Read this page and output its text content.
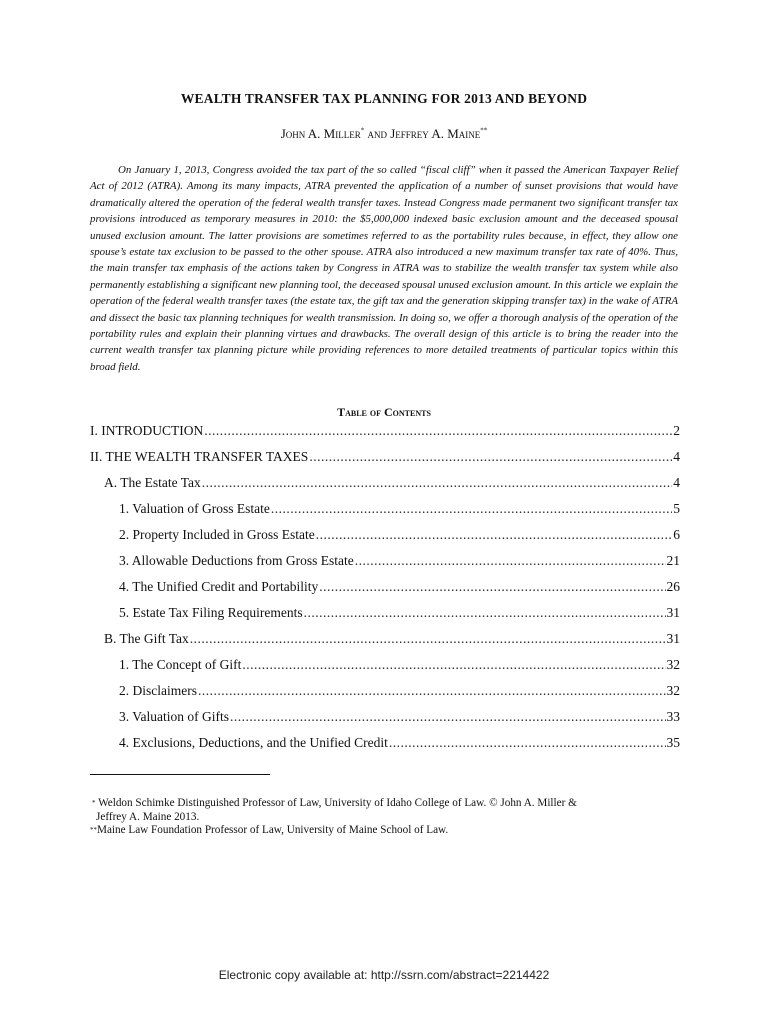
WEALTH TRANSFER TAX PLANNING FOR 2013 AND BEYOND
John A. Miller* and Jeffrey A. Maine**

On January 1, 2013, Congress avoided the tax part of the so called “fiscal cliff” when it passed the American Taxpayer Relief Act of 2012 (ATRA). Among its many impacts, ATRA prevented the application of a number of sunset provisions that would have dramatically altered the operation of the federal wealth transfer taxes. Instead Congress made permanent two significant transfer tax provisions introduced as temporary measures in 2010: the $5,000,000 indexed basic exclusion amount and the deceased spousal unused exclusion amount. The latter provisions are sometimes referred to as the portability rules because, in effect, they allow one spouse’s estate tax exclusion to be passed to the other spouse. ATRA also introduced a new maximum transfer tax rate of 40%. Thus, the main transfer tax emphasis of the actions taken by Congress in ATRA was to stabilize the wealth transfer tax system while also permanently establishing a significant new planning tool, the deceased spousal unused exclusion amount. In this article we explain the operation of the federal wealth transfer taxes (the estate tax, the gift tax and the generation skipping transfer tax) in the wake of ATRA and dissect the basic tax planning techniques for wealth transmission. In doing so, we offer a thorough analysis of the operation of the portability rules and explain their planning virtues and drawbacks. The overall design of this article is to bring the reader into the current wealth transfer tax planning picture while providing references to more detailed treatments of particular topics within this broad field.

Table of Contents
I. INTRODUCTION .....	2
II. THE WEALTH TRANSFER TAXES .....	4
A. The Estate Tax .....	4
1. Valuation of Gross Estate .....	5
2. Property Included in Gross Estate .....	6
3. Allowable Deductions from Gross Estate .....	21
4. The Unified Credit and Portability .....	26
5. Estate Tax Filing Requirements .....	31
B. The Gift Tax .....	31
1. The Concept of Gift .....	32
2. Disclaimers .....	32
3. Valuation of Gifts .....	33
4. Exclusions, Deductions, and the Unified Credit .....	35

* Weldon Schimke Distinguished Professor of Law, University of Idaho College of Law. © John A. Miller &
Jeffrey A. Maine 2013.

**Maine Law Foundation Professor of Law, University of Maine School of Law.

Electronic copy available at: http://ssrn.com/abstract=2214422
